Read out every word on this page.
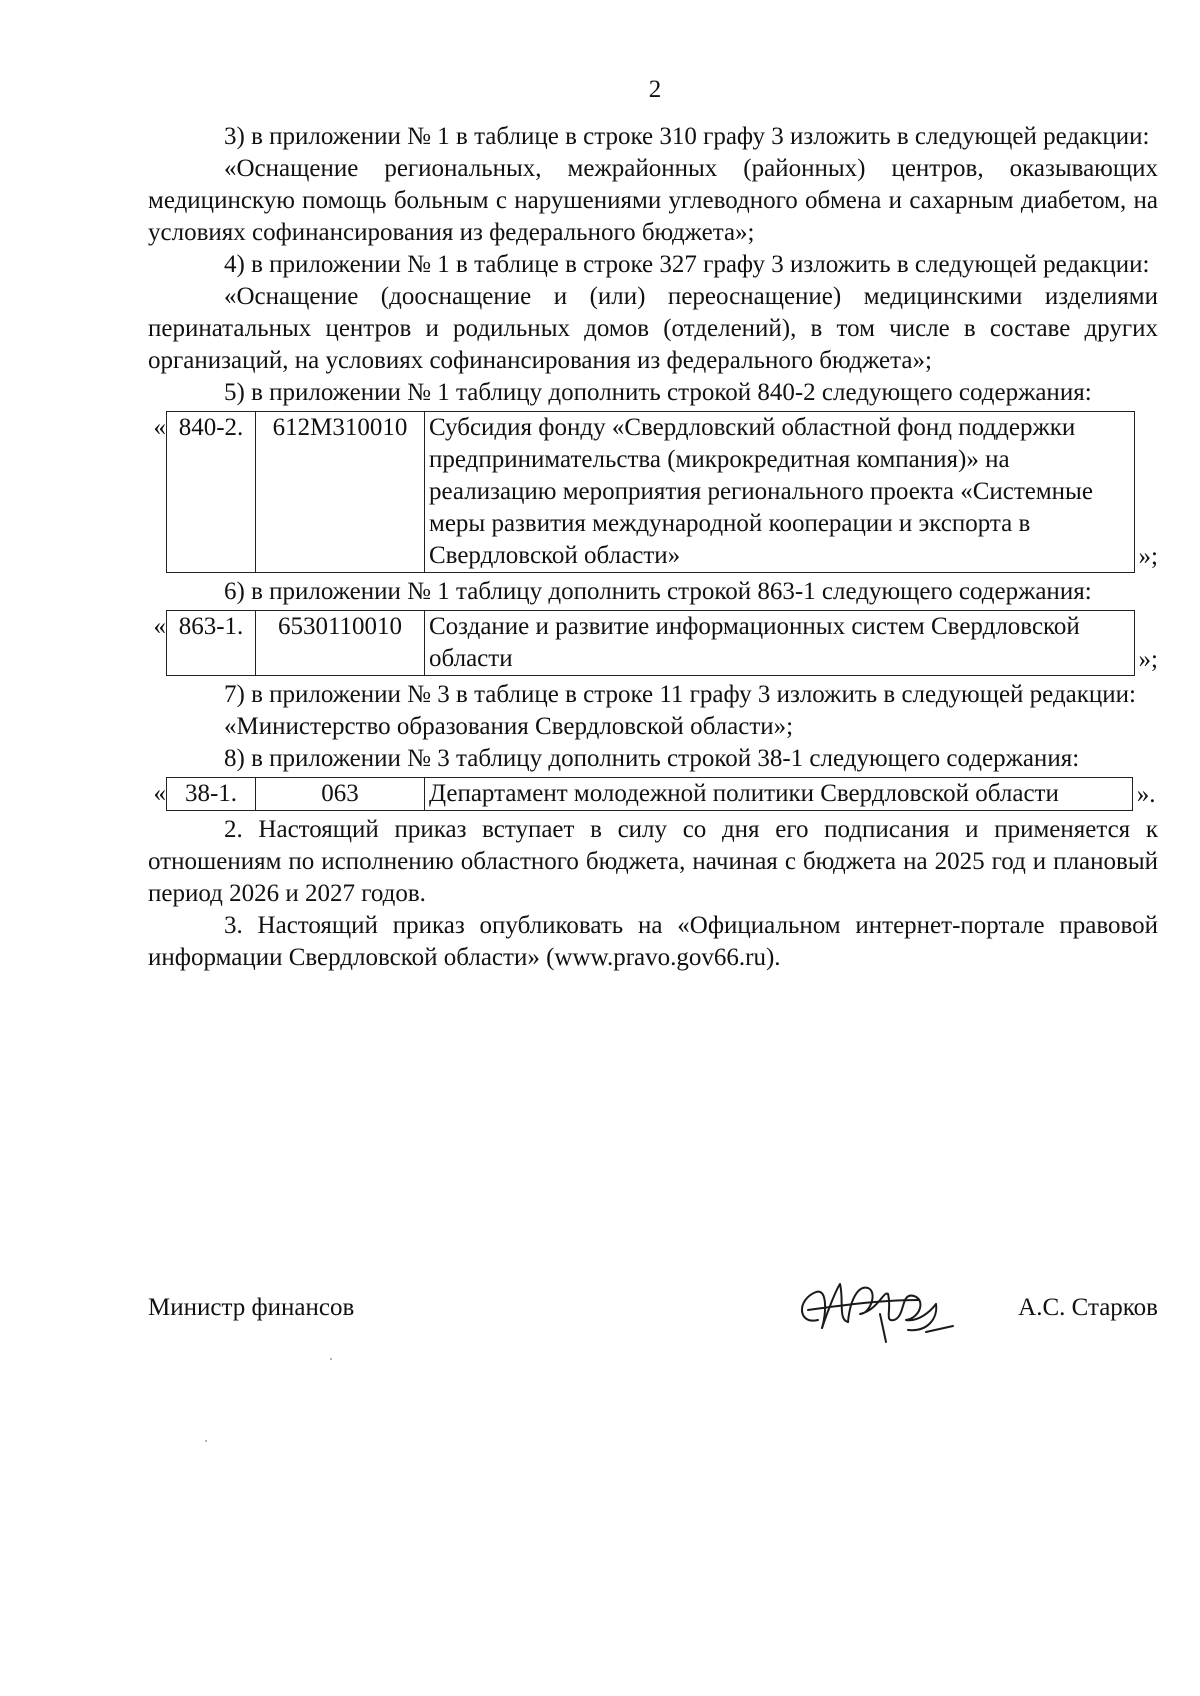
2

3) в приложении № 1 в таблице в строке 310 графу 3 изложить в следующей редакции:

«Оснащение региональных, межрайонных (районных) центров, оказывающих медицинскую помощь больным с нарушениями углеводного обмена и сахарным диабетом, на условиях софинансирования из федерального бюджета»;

4) в приложении № 1 в таблице в строке 327 графу 3 изложить в следующей редакции:

«Оснащение (дооснащение и (или) переоснащение) медицинскими изделиями перинатальных центров и родильных домов (отделений), в том числе в составе других организаций, на условиях софинансирования из федерального бюджета»;

5) в приложении № 1 таблицу дополнить строкой 840-2 следующего содержания:

«	840-2.	612M310010	Субсидия фонду «Свердловский областной фонд поддержки предпринимательства (микрокредитная компания)» на реализацию мероприятия регионального проекта «Системные меры развития международной кооперации и экспорта в Свердловской области»	»;

6) в приложении № 1 таблицу дополнить строкой 863-1 следующего содержания:

«	863-1.	6530110010	Создание и развитие информационных систем Свердловской области	»;

7) в приложении № 3 в таблице в строке 11 графу 3 изложить в следующей редакции:

«Министерство образования Свердловской области»;

8) в приложении № 3 таблицу дополнить строкой 38-1 следующего содержания:

«	38-1.	063	Департамент молодежной политики Свердловской области	».

2. Настоящий приказ вступает в силу со дня его подписания и применяется к отношениям по исполнению областного бюджета, начиная с бюджета на 2025 год и плановый период 2026 и 2027 годов.

3. Настоящий приказ опубликовать на «Официальном интернет-портале правовой информации Свердловской области» (www.pravo.gov66.ru).

Министр финансов	А.С. Старков
